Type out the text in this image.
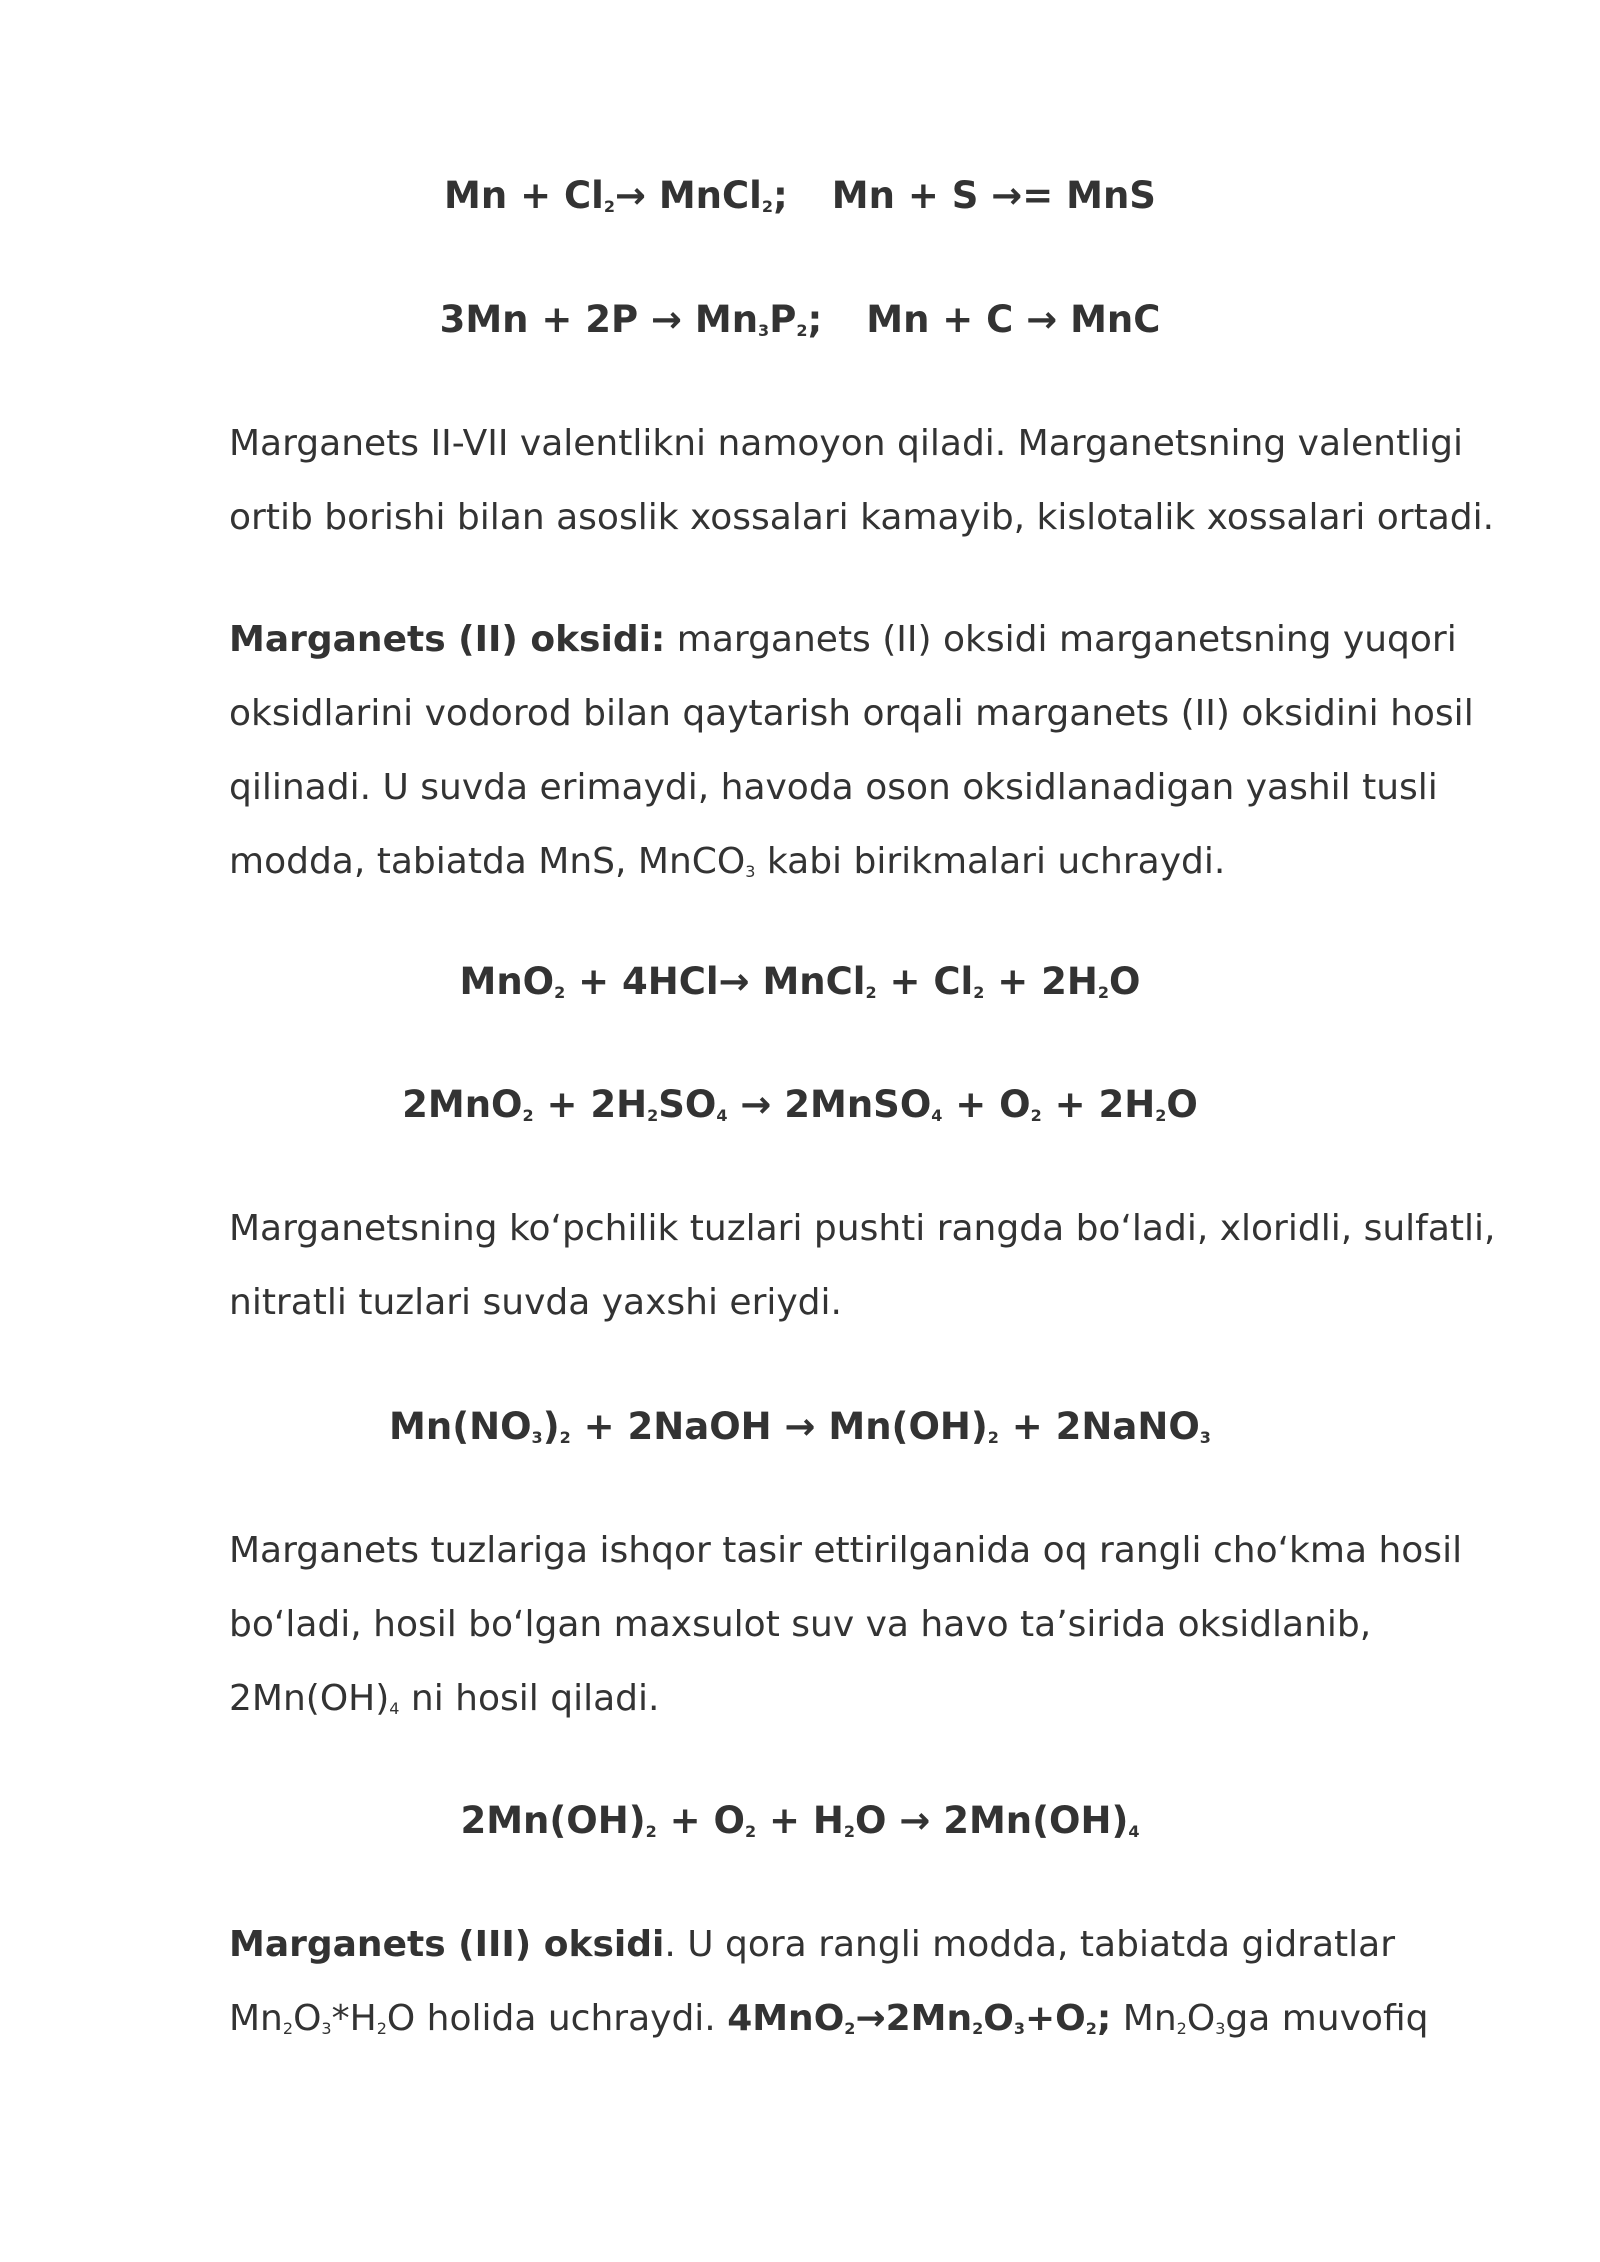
$Mn + Cl_2\to$ MnCl$_2$; Mn + S →= MnS
$3Mn + 2P \to Mn_3P_2$; Mn + C → MnC
Marganets II-VII valentlikni namoyon qiladi. Marganetsning valentligi
ortib borishi bilan asoslik xossalari kamayib, kislotalik xossalari ortadi.
Marganets (II) oksidi: marganets (II) oksidi marganetsning yuqori
oksidlarini vodorod bilan qaytarish orqali marganets (II) oksidini hosil
qilinadi. U suvda erimaydi, havoda oson oksidlanadigan yashil tusli
modda, tabiatda MnS, MnCO$_3$ kabi birikmalari uchraydi.
MnO$_2$ + 4HCl→ MnCl$_2$ + $Cl_2 + 2H_2O$
$2MnO_2 + 2H_2SO_4$ → 2MnSO$_4$ + $O_2 + 2H_2O$
Marganetsning koʻpchilik tuzlari pushti rangda boʻladi, xloridli, sulfatli,
nitratli tuzlari suvda yaxshi eriydi.
$Mn(NO_3)_2$ + 2NaOH → $Mn(OH)_2$ + 2NaNO$_3$
Marganets tuzlariga ishqor tasir ettirilganida oq rangli choʻkma hosil
boʻladi, hosil boʻlgan maxsulot suv va havo taʼsirida oksidlanib,
$2Mn(OH)_4$ ni hosil qiladi.
$2Mn(OH)_2 + O_2 + H_2O \to 2Mn(OH)_4$
Marganets (III) oksidi. U qora rangli modda, tabiatda gidratlar
$Mn_2O_3*H_2O$ holida uchraydi. $4MnO_2\to 2Mn_2O_3+O_2$; $Mn_2O_3ga$ muvofiq
